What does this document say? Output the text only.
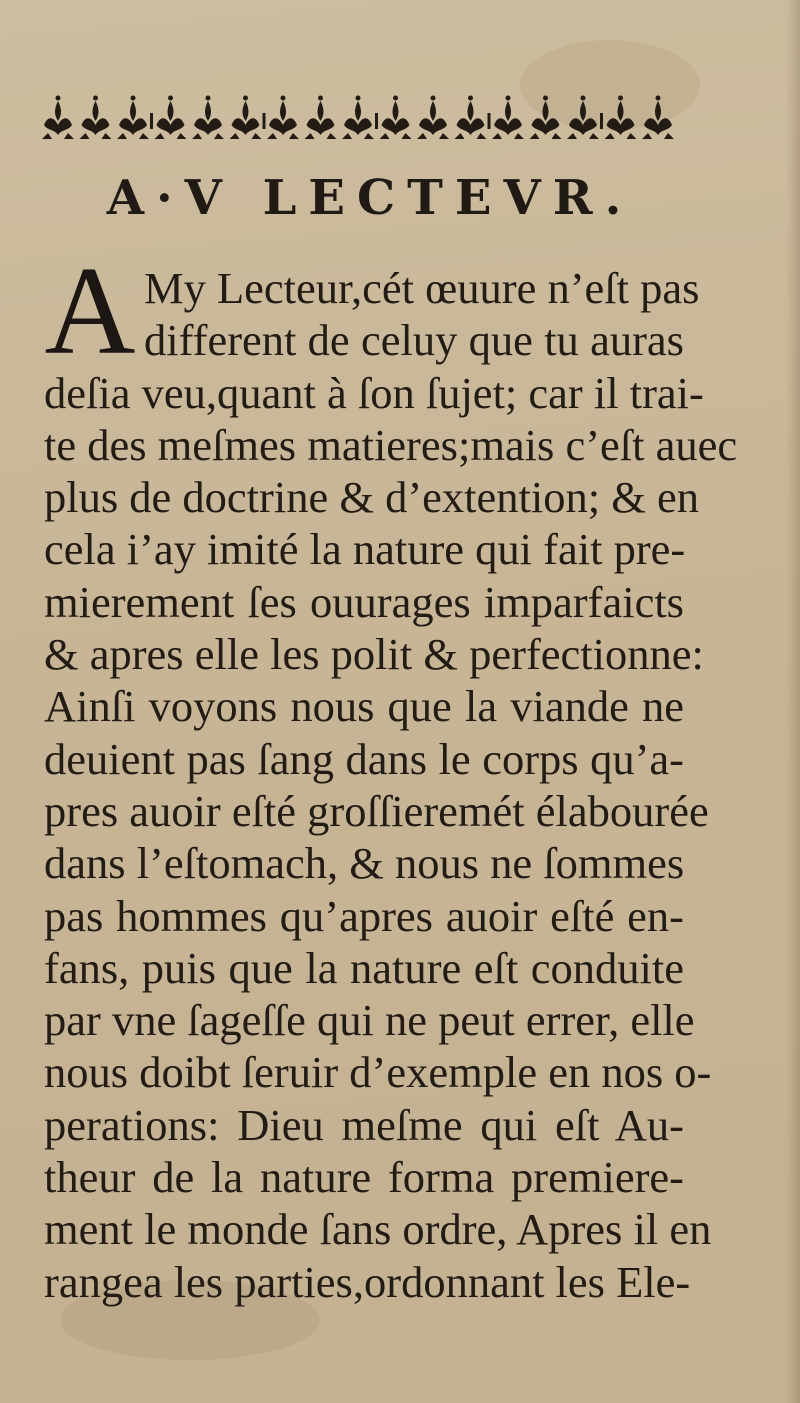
A·V LECTEVR.
A My Lecteur,cét œuure n’eſt pas
different de celuy que tu auras
deſia veu,quant à ſon ſujet; car il trai-
te des meſmes matieres;mais c’eſt auec
plus de doctrine & d’extention; & en
cela i’ay imité la nature qui fait pre-
mierement ſes ouurages imparfaicts
& apres elle les polit & perfectionne:
Ainſi voyons nous que la viande ne
deuient pas ſang dans le corps qu’a-
pres auoir eſté groſſieremét élabourée
dans l’eſtomach, & nous ne ſommes
pas hommes qu’apres auoir eſté en-
fans, puis que la nature eſt conduite
par vne ſageſſe qui ne peut errer, elle
nous doibt ſeruir d’exemple en nos o-
perations: Dieu meſme qui eſt Au-
theur de la nature forma premiere-
ment le monde ſans ordre, Apres il en
rangea les parties,ordonnant les Ele-
